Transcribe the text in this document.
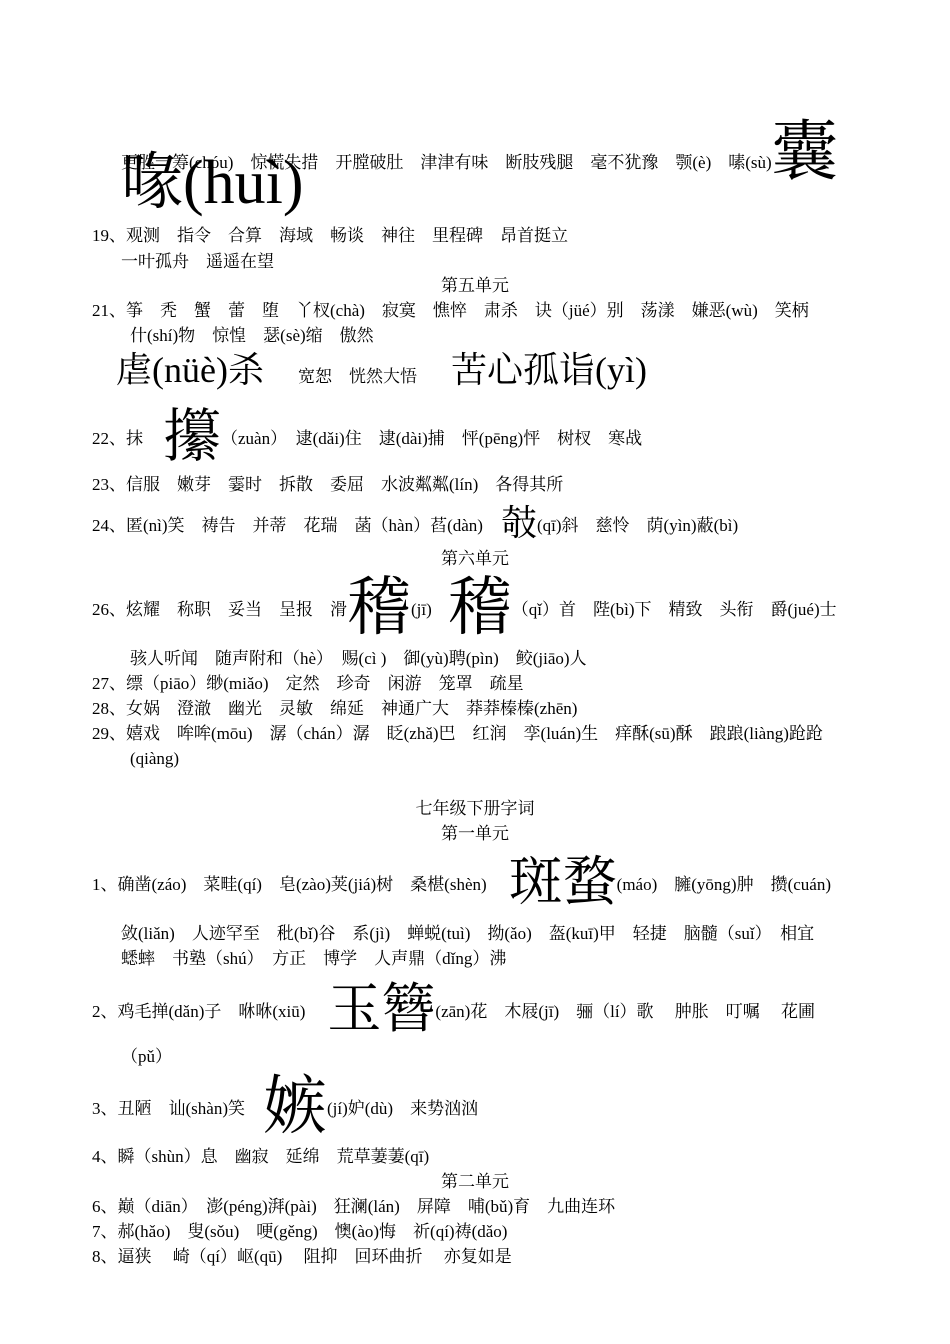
更胜一筹(chóu)　惊慌失措　开膛破肚　津津有味　断肢残腿　毫不犹豫　颚(è)　嗉(sù)囊
喙(huì)
19、观测　指令　合算　海域　畅谈　神往　里程碑　昂首挺立
一叶孤舟　遥遥在望
第五单元
21、筝　秃　蟹　蕾　堕　丫杈(chà)　寂寞　憔悴　肃杀　诀（jüé）别　荡漾　嫌恶(wù)　笑柄
什(shí)物　惊惶　瑟(sè)缩　傲然
虐(nüè)杀　　 宽恕　恍然大悟　　 苦心孤诣(yì)
22、抹 攥（zuàn）　逮(dǎi)住　逮(dài)捕　怦(pēng)怦　树杈　寒战
23、信服　嫩芽　霎时　拆散　委屈　水波粼粼(lín)　各得其所
24、匿(nì)笑　祷告　并蒂　花瑞　菡（hàn）萏(dàn) 攲(qī)斜　慈怜　荫(yìn)蔽(bì)
第六单元
26、炫耀　称职　妥当　呈报　滑稽(jī) 稽（qǐ）首　陛(bì)下　精致　头衔　爵(jué)士
骇人听闻　随声附和（hè）　赐(cì )　御(yù)聘(pìn)　鲛(jiāo)人
27、缥（piāo）缈(miǎo)　定然　珍奇　闲游　笼罩　疏星
28、女娲　澄澈　幽光　灵敏　绵延　神通广大　莽莽榛榛(zhēn)
29、嬉戏　哞哞(mōu)　潺（chán）潺　眨(zhǎ)巴　红润　孪(luán)生　痒酥(sū)酥　踉踉(liàng)跄跄
(qiàng)
七年级下册字词
第一单元
1、确凿(záo)　菜畦(qí)　皂(zào)荚(jiá)树　桑椹(shèn) 斑蝥(máo)　臃(yōng)肿　攒(cuán)
敛(liǎn)　人迹罕至　秕(bǐ)谷　系(jì)　蝉蜕(tuì)　拗(ǎo)　盔(kuī)甲　轻捷　脑髓（suǐ）　相宜
蟋蟀　书塾（shú）　方正　博学　人声鼎（dǐng）沸
2、鸡毛掸(dǎn)子　咻咻(xiū) 玉簪(zān)花　木屐(jī)　骊（lí）歌　 肿胀　叮嘱　 花圃
（pǔ）
3、丑陋　讪(shàn)笑 嫉(jí)妒(dù)　来势汹汹
4、瞬（shùn）息　幽寂　延绵　荒草萋萋(qī)
第二单元
6、巅（diān）　澎(péng)湃(pài)　狂澜(lán)　屏障　哺(bǔ)育　九曲连环
7、郝(hǎo)　叟(sǒu)　哽(gěng)　懊(ào)悔　祈(qí)祷(dǎo)
8、逼狭　 崎（qí）岖(qū)　 阻抑　回环曲折　 亦复如是
